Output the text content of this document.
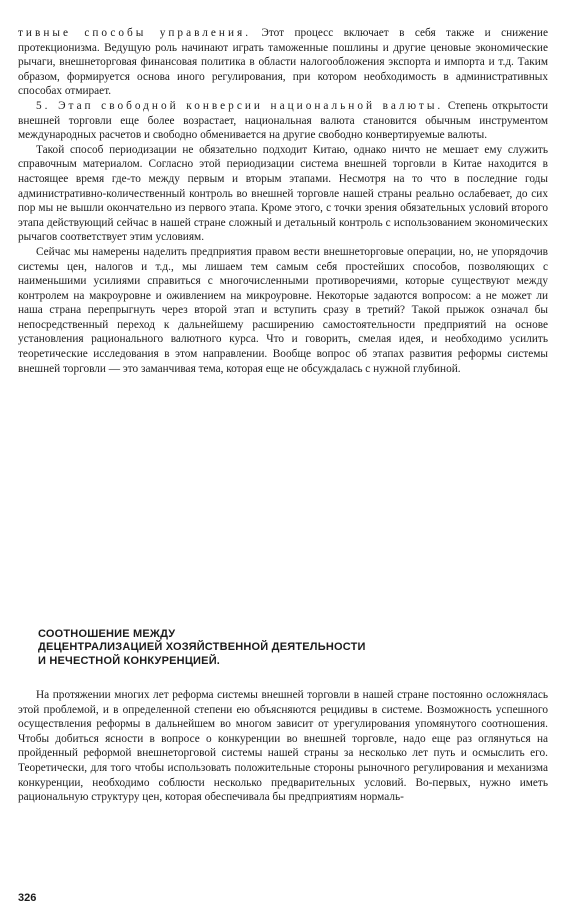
тивные способы управления. Этот процесс включает в себя также и снижение протекционизма. Ведущую роль начинают играть таможенные пошлины и другие ценовые экономические рычаги, внешнеторговая финансовая политика в области налогообложения экспорта и импорта и т.д. Таким образом, формируется основа иного регулирования, при котором необходимость в административных способах отмирает.

5. Этап свободной конверсии национальной валюты. Степень открытости внешней торговли еще более возрастает, национальная валюта становится обычным инструментом международных расчетов и свободно обменивается на другие свободно конвертируемые валюты.

Такой способ периодизации не обязательно подходит Китаю, однако ничто не мешает ему служить справочным материалом. Согласно этой периодизации система внешней торговли в Китае находится в настоящее время где-то между первым и вторым этапами. Несмотря на то что в последние годы административно-количественный контроль во внешней торговле нашей страны реально ослабевает, до сих пор мы не вышли окончательно из первого этапа. Кроме этого, с точки зрения обязательных условий второго этапа действующий сейчас в нашей стране сложный и детальный контроль с использованием экономических рычагов соответствует этим условиям.

Сейчас мы намерены наделить предприятия правом вести внешнеторговые операции, но, не упорядочив системы цен, налогов и т.д., мы лишаем тем самым себя простейших способов, позволяющих с наименьшими усилиями справиться с многочисленными противоречиями, которые существуют между контролем на макроуровне и оживлением на микроуровне. Некоторые задаются вопросом: а не может ли наша страна перепрыгнуть через второй этап и вступить сразу в третий? Такой прыжок означал бы непосредственный переход к дальнейшему расширению самостоятельности предприятий на основе установления рационального валютного курса. Что и говорить, смелая идея, и необходимо усилить теоретические исследования в этом направлении. Вообще вопрос об этапах развития реформы системы внешней торговли — это заманчивая тема, которая еще не обсуждалась с нужной глубиной.

СООТНОШЕНИЕ МЕЖДУ
ДЕЦЕНТРАЛИЗАЦИЕЙ ХОЗЯЙСТВЕННОЙ ДЕЯТЕЛЬНОСТИ
И НЕЧЕСТНОЙ КОНКУРЕНЦИЕЙ.

На протяжении многих лет реформа системы внешней торговли в нашей стране постоянно осложнялась этой проблемой, и в определенной степени ею объясняются рецидивы в системе. Возможность успешного осуществления реформы в дальнейшем во многом зависит от урегулирования упомянутого соотношения. Чтобы добиться ясности в вопросе о конкуренции во внешней торговле, надо еще раз оглянуться на пройденный реформой внешнеторговой системы нашей страны за несколько лет путь и осмыслить его. Теоретически, для того чтобы использовать положительные стороны рыночного регулирования и механизма конкуренции, необходимо соблюсти несколько предварительных условий. Во-первых, нужно иметь рациональную структуру цен, которая обеспечивала бы предприятиям нормаль-

326
